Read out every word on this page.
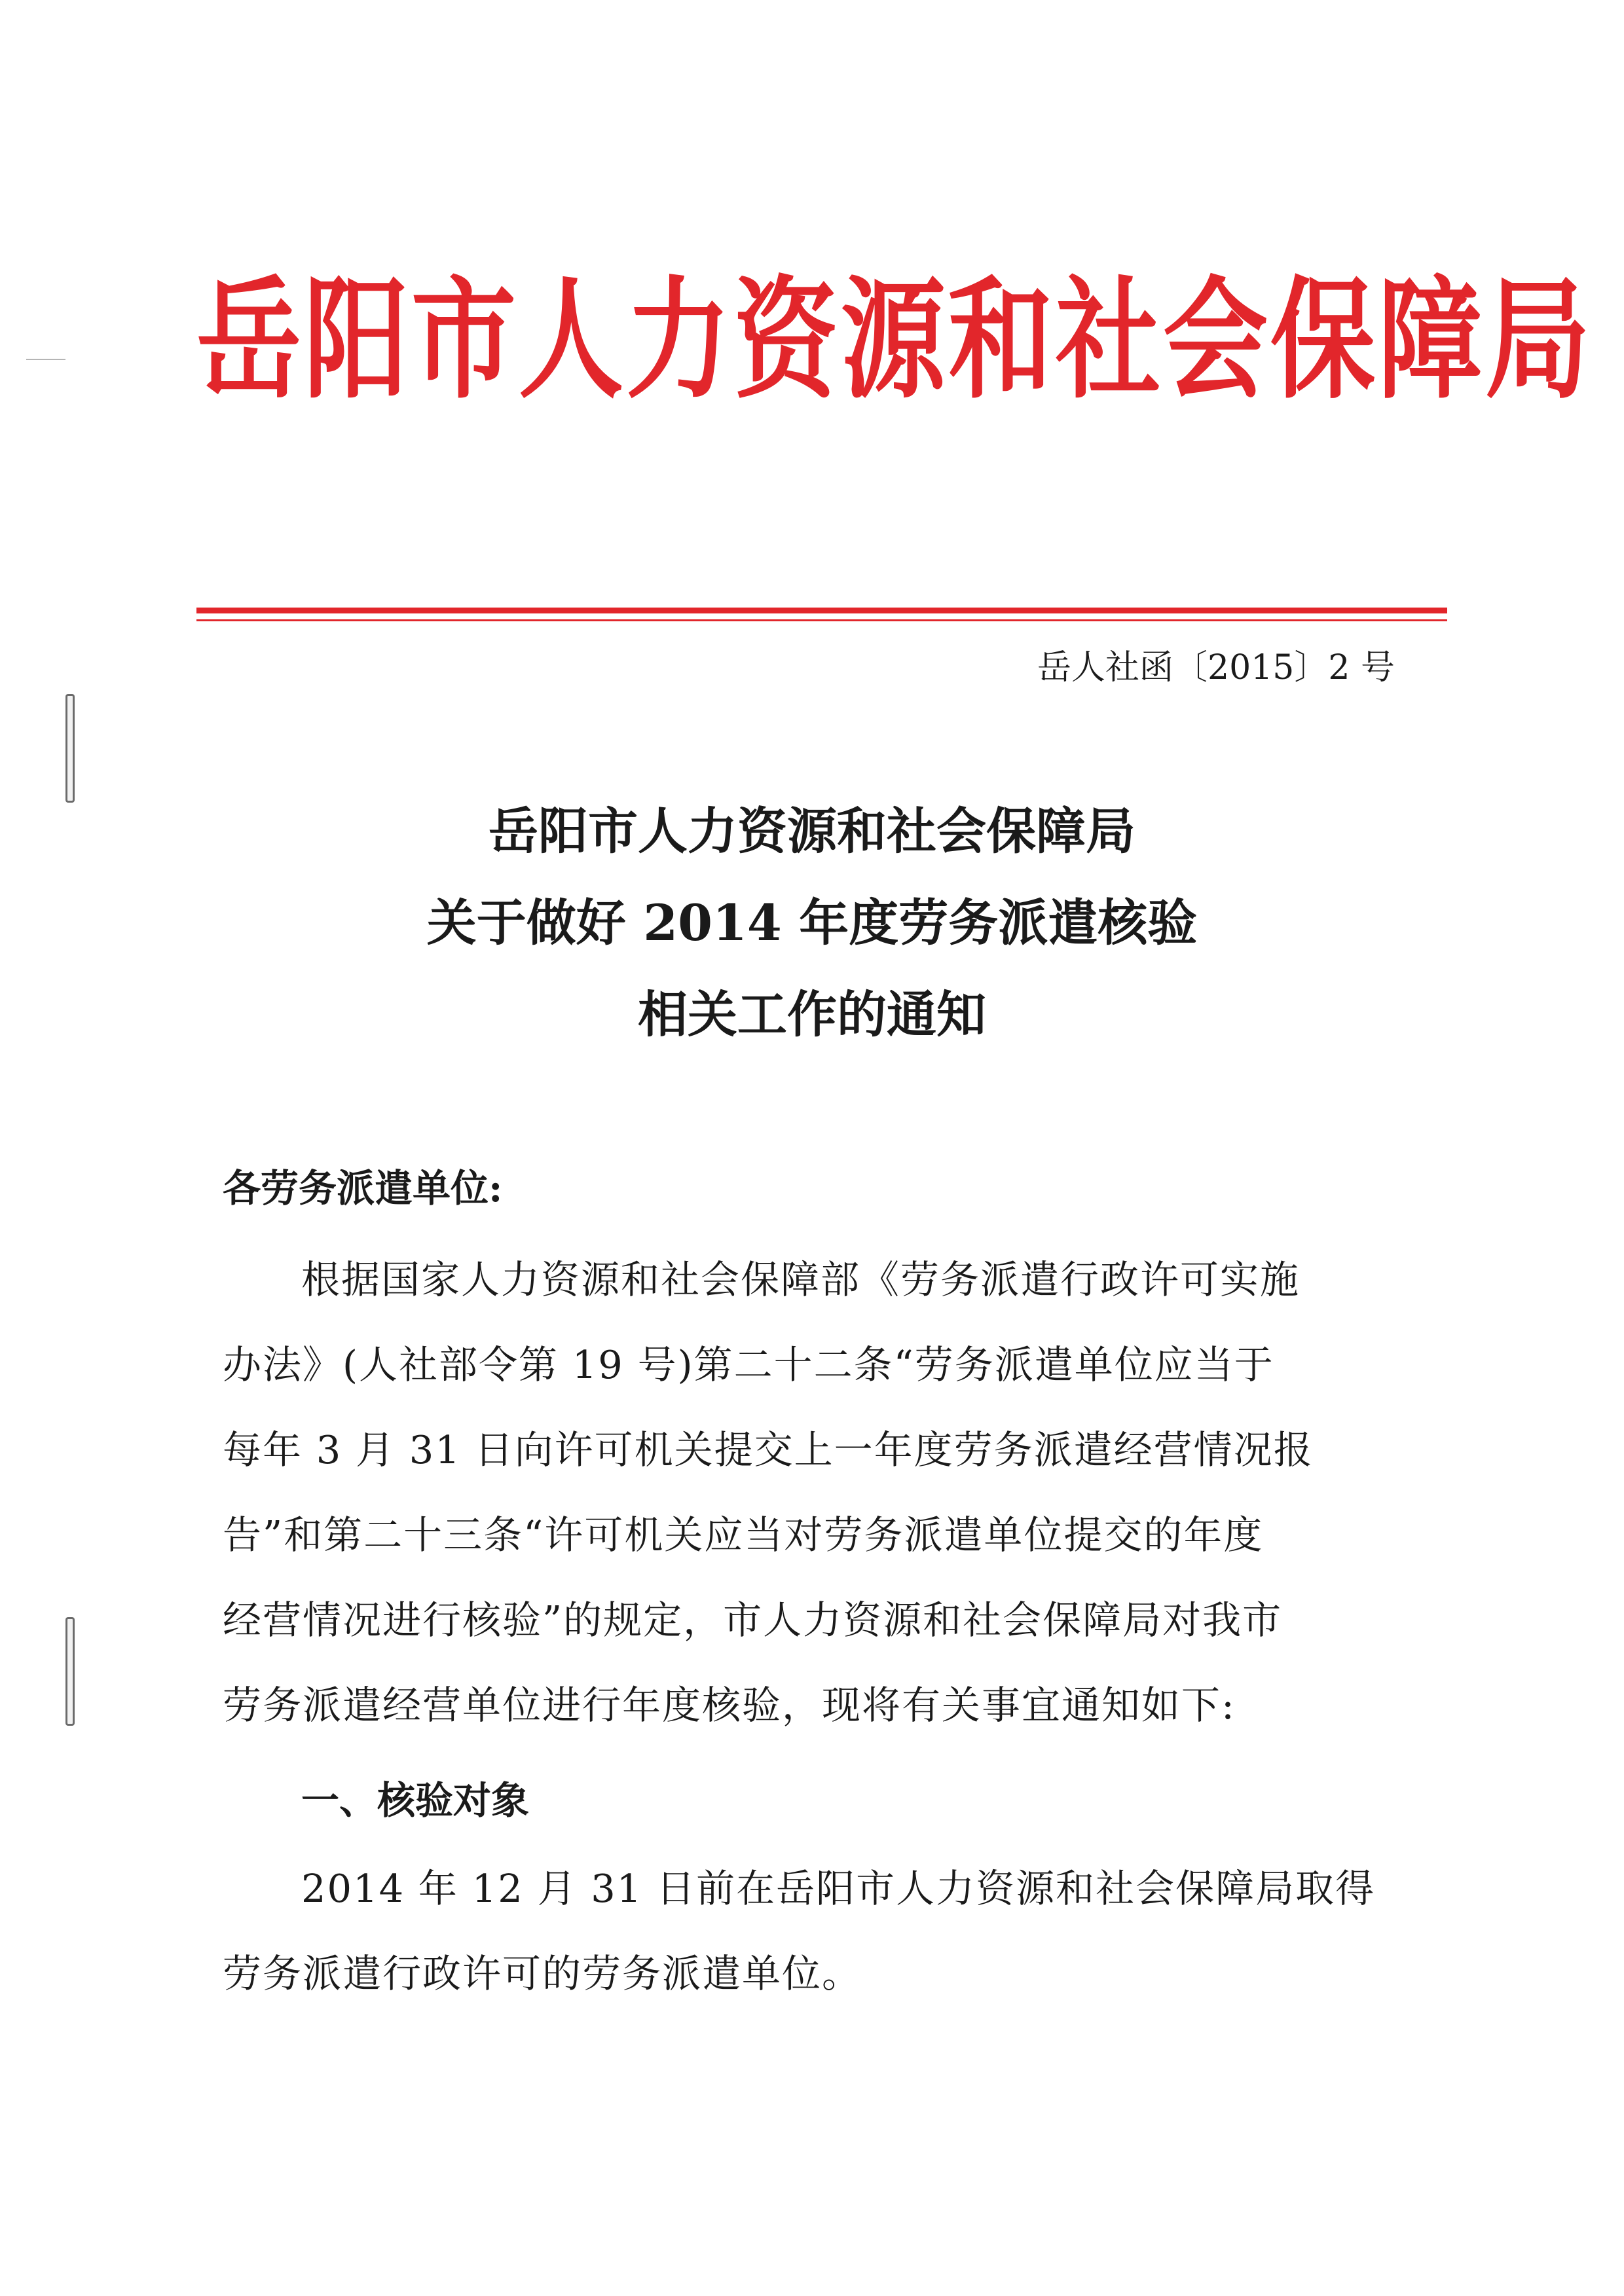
岳阳市人力资源和社会保障局
岳人社函〔2015〕2 号
岳阳市人力资源和社会保障局
关于做好 2014 年度劳务派遣核验
相关工作的通知
各劳务派遣单位:
根据国家人力资源和社会保障部《劳务派遣行政许可实施
办法》(人社部令第 19 号)第二十二条“劳务派遣单位应当于
每年 3 月 31 日向许可机关提交上一年度劳务派遣经营情况报
告”和第二十三条“许可机关应当对劳务派遣单位提交的年度
经营情况进行核验”的规定，市人力资源和社会保障局对我市
劳务派遣经营单位进行年度核验，现将有关事宜通知如下:
一、核验对象
2014 年 12 月 31 日前在岳阳市人力资源和社会保障局取得
劳务派遣行政许可的劳务派遣单位。
